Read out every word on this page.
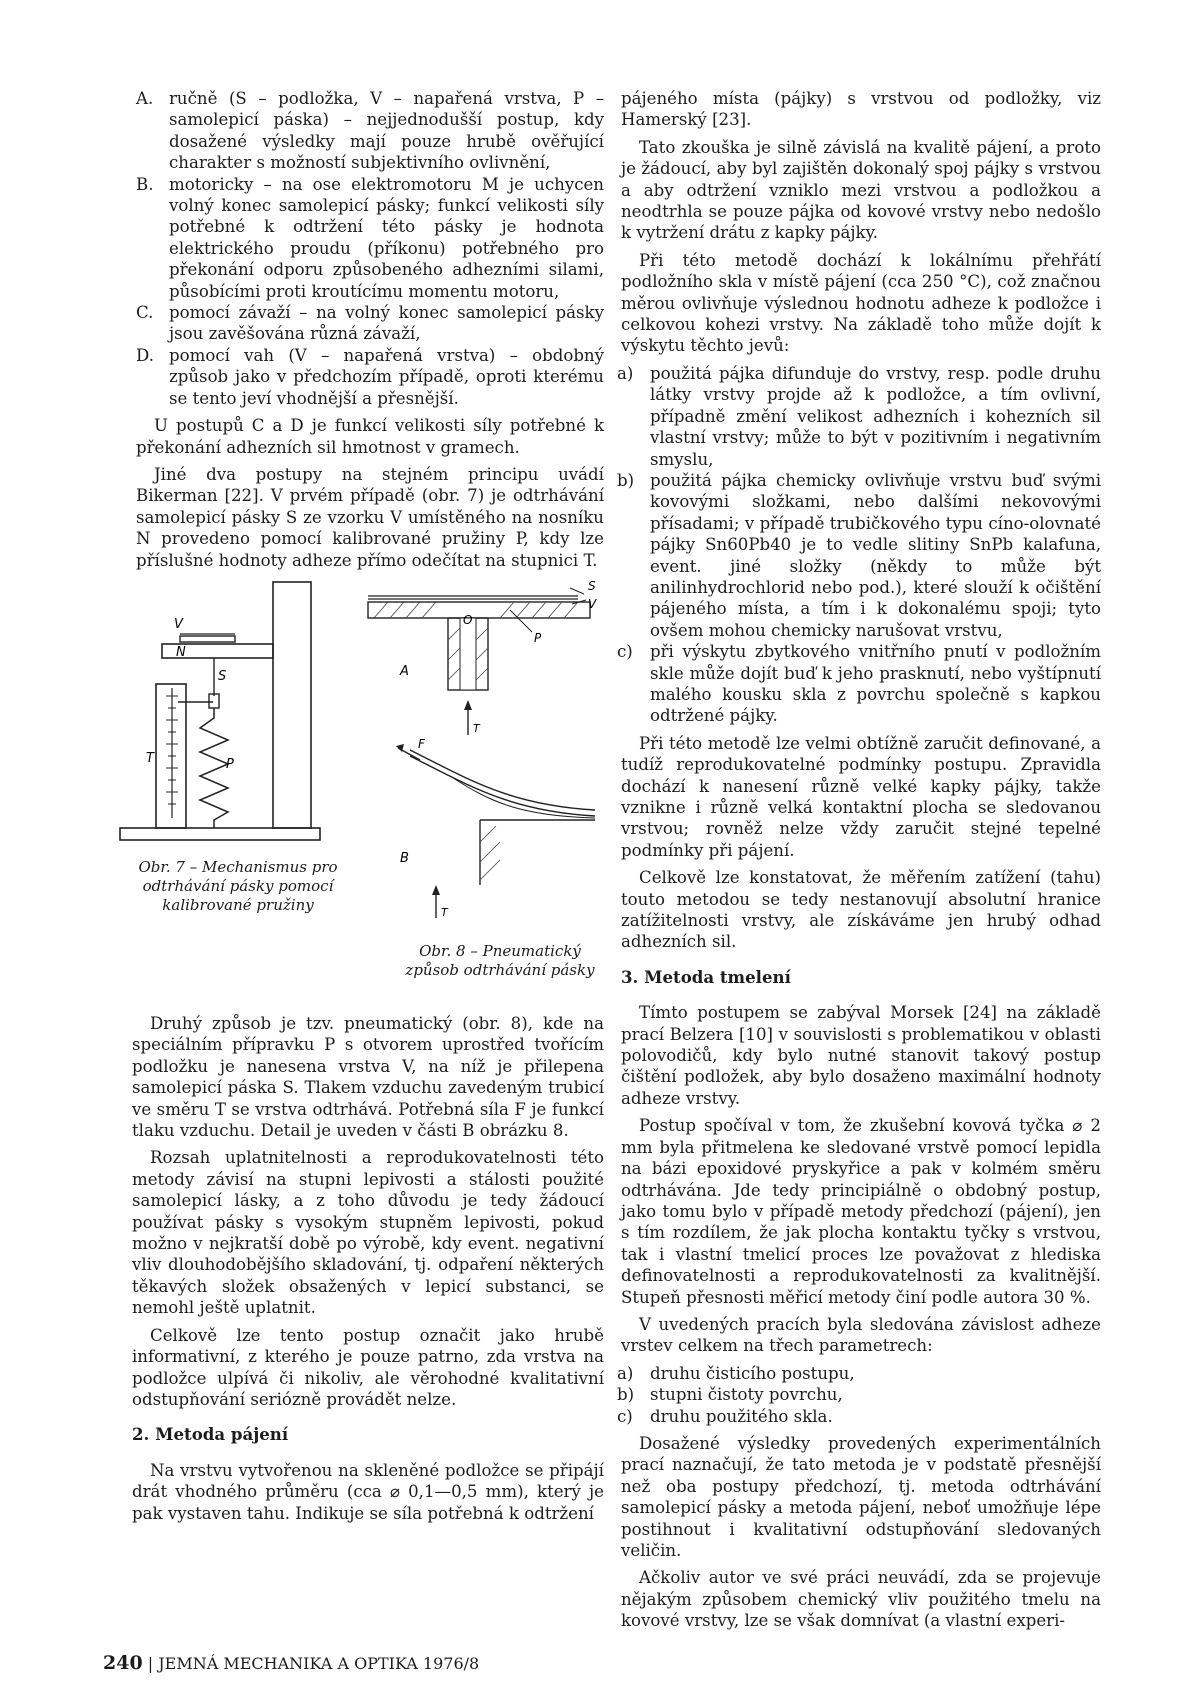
A. ručně (S – podložka, V – napařená vrstva, P – samolepicí páska) – nejjednodušší postup, kdy dosažené výsledky mají pouze hrubě ověřující charakter s možností subjektivního ovlivnění,
B. motoricky – na ose elektromotoru M je uchycen volný konec samolepicí pásky; funkcí velikosti síly potřebné k odtržení této pásky je hodnota elektrického proudu (příkonu) potřebného pro překonání odporu způsobeného adhezními silami, působícími proti kroutícímu momentu motoru,
C. pomocí závaží – na volný konec samolepicí pásky jsou zavěšována různá závaží,
D. pomocí vah (V – napařená vrstva) – obdobný způsob jako v předchozím případě, oproti kterému se tento jeví vhodnější a přesnější.

U postupů C a D je funkcí velikosti síly potřebné k překonání adhezních sil hmotnost v gramech.

Jiné dva postupy na stejném principu uvádí Bikerman [22]. V prvém případě (obr. 7) je odtrhávání samolepicí pásky S ze vzorku V umístěného na nosníku N provedeno pomocí kalibrované pružiny P, kdy lze příslušné hodnoty adheze přímo odečítat na stupnici T.

V
N
S
T	P
Obr. 7 – Mechanismus pro odtrhávání pásky pomocí kalibrované pružiny
S
V
O
P
A
T
F
B
T
Obr. 8 – Pneumatický způsob odtrhávání pásky

Druhý způsob je tzv. pneumatický (obr. 8), kde na speciálním přípravku P s otvorem uprostřed tvořícím podložku je nanesena vrstva V, na níž je přilepena samolepicí páska S. Tlakem vzduchu zavedeným trubicí ve směru T se vrstva odtrhává. Potřebná síla F je funkcí tlaku vzduchu. Detail je uveden v části B obrázku 8.

Rozsah uplatnitelnosti a reprodukovatelnosti této metody závisí na stupni lepivosti a stálosti použité samolepicí lásky, a z toho důvodu je tedy žádoucí používat pásky s vysokým stupněm lepivosti, pokud možno v nejkratší době po výrobě, kdy event. negativní vliv dlouhodobějšího skladování, tj. odpaření některých těkavých složek obsažených v lepicí substanci, se nemohl ještě uplatnit.

Celkově lze tento postup označit jako hrubě informativní, z kterého je pouze patrno, zda vrstva na podložce ulpívá či nikoliv, ale věrohodné kvalitativní odstupňování seriózně provádět nelze.

2. Metoda pájení

Na vrstvu vytvořenou na skleněné podložce se připájí drát vhodného průměru (cca ⌀ 0,1—0,5 mm), který je pak vystaven tahu. Indikuje se síla potřebná k odtržení

pájeného místa (pájky) s vrstvou od podložky, viz Hamerský [23].

Tato zkouška je silně závislá na kvalitě pájení, a proto je žádoucí, aby byl zajištěn dokonalý spoj pájky s vrstvou a aby odtržení vzniklo mezi vrstvou a podložkou a neodtrhla se pouze pájka od kovové vrstvy nebo nedošlo k vytržení drátu z kapky pájky.

Při této metodě dochází k lokálnímu přehřátí podložního skla v místě pájení (cca 250 °C), což značnou měrou ovlivňuje výslednou hodnotu adheze k podložce i celkovou kohezi vrstvy. Na základě toho může dojít k výskytu těchto jevů:

a) použitá pájka difunduje do vrstvy, resp. podle druhu látky vrstvy projde až k podložce, a tím ovlivní, případně změní velikost adhezních i kohezních sil vlastní vrstvy; může to být v pozitivním i negativním smyslu,
b) použitá pájka chemicky ovlivňuje vrstvu buď svými kovovými složkami, nebo dalšími nekovovými přísadami; v případě trubičkového typu cíno-olovnaté pájky Sn60Pb40 je to vedle slitiny SnPb kalafuna, event. jiné složky (někdy to může být anilinhydrochlorid nebo pod.), které slouží k očištění pájeného místa, a tím i k dokonalému spoji; tyto ovšem mohou chemicky narušovat vrstvu,
c) při výskytu zbytkového vnitřního pnutí v podložním skle může dojít buď k jeho prasknutí, nebo vyštípnutí malého kousku skla z povrchu společně s kapkou odtržené pájky.

Při této metodě lze velmi obtížně zaručit definované, a tudíž reprodukovatelné podmínky postupu. Zpravidla dochází k nanesení různě velké kapky pájky, takže vznikne i různě velká kontaktní plocha se sledovanou vrstvou; rovněž nelze vždy zaručit stejné tepelné podmínky při pájení.

Celkově lze konstatovat, že měřením zatížení (tahu) touto metodou se tedy nestanovují absolutní hranice zatížitelnosti vrstvy, ale získáváme jen hrubý odhad adhezních sil.

3. Metoda tmelení

Tímto postupem se zabýval Morsek [24] na základě prací Belzera [10] v souvislosti s problematikou v oblasti polovodičů, kdy bylo nutné stanovit takový postup čištění podložek, aby bylo dosaženo maximální hodnoty adheze vrstvy.

Postup spočíval v tom, že zkušební kovová tyčka ⌀ 2 mm byla přitmelena ke sledované vrstvě pomocí lepidla na bázi epoxidové pryskyřice a pak v kolmém směru odtrhávána. Jde tedy principiálně o obdobný postup, jako tomu bylo v případě metody předchozí (pájení), jen s tím rozdílem, že jak plocha kontaktu tyčky s vrstvou, tak i vlastní tmelicí proces lze považovat z hlediska definovatelnosti a reprodukovatelnosti za kvalitnější. Stupeň přesnosti měřicí metody činí podle autora 30 %.

V uvedených pracích byla sledována závislost adheze vrstev celkem na třech parametrech:

a) druhu čisticího postupu,
b) stupni čistoty povrchu,
c) druhu použitého skla.

Dosažené výsledky provedených experimentálních prací naznačují, že tato metoda je v podstatě přesnější než oba postupy předchozí, tj. metoda odtrhávání samolepicí pásky a metoda pájení, neboť umožňuje lépe postihnout i kvalitativní odstupňování sledovaných veličin.

Ačkoliv autor ve své práci neuvádí, zda se projevuje nějakým způsobem chemický vliv použitého tmelu na kovové vrstvy, lze se však domnívat (a vlastní experi-

240 | JEMNÁ MECHANIKA A OPTIKA 1976/8
